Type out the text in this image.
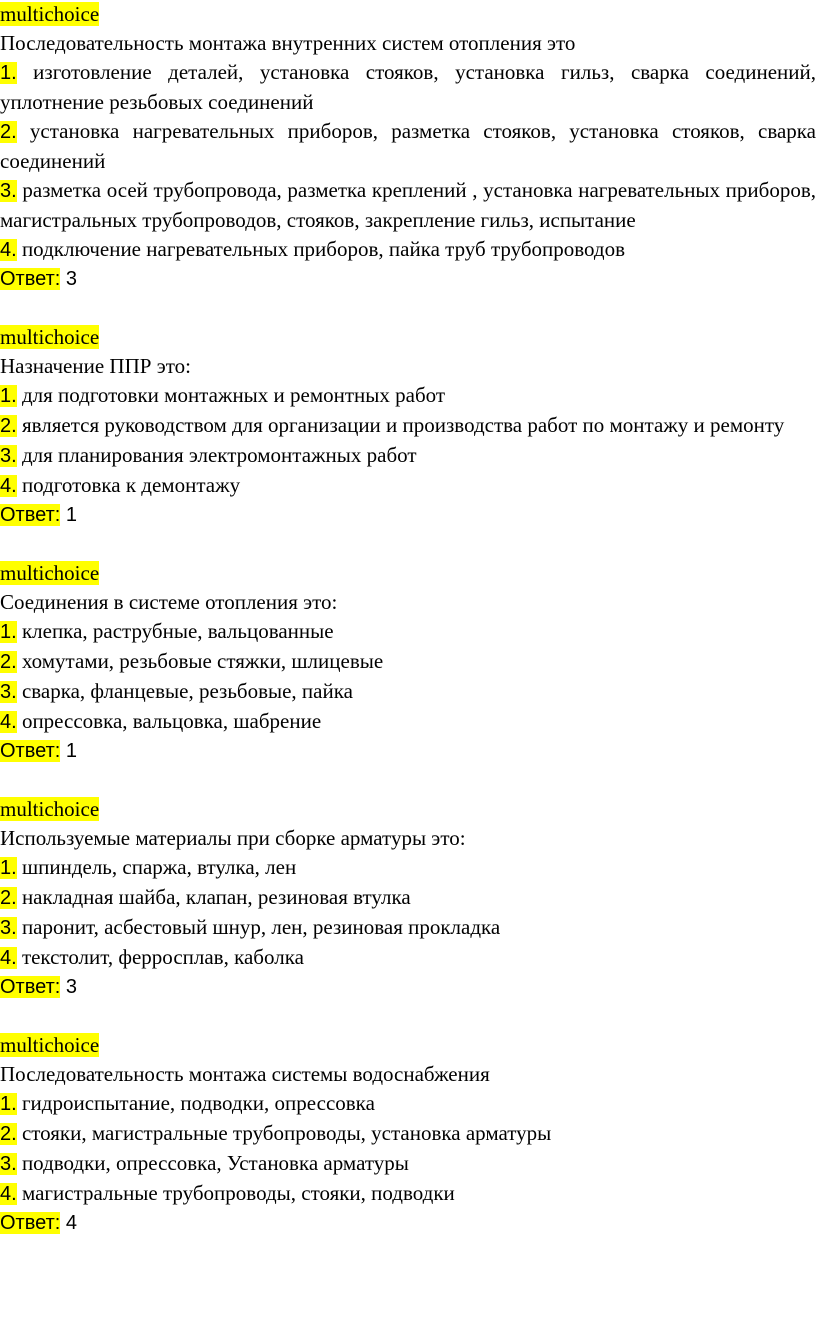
multichoice
Последовательность монтажа внутренних систем отопления это
1. изготовление деталей, установка стояков, установка гильз, сварка соединений, уплотнение резьбовых соединений
2. установка нагревательных приборов, разметка стояков, установка стояков, сварка соединений
3. разметка осей трубопровода, разметка креплений , установка нагревательных приборов, магистральных трубопроводов, стояков, закрепление гильз, испытание
4. подключение нагревательных приборов, пайка труб трубопроводов
Ответ: 3
multichoice
Назначение ППР это:
1. для подготовки монтажных и ремонтных работ
2. является руководством для организации и производства работ по монтажу и ремонту
3. для планирования электромонтажных работ
4. подготовка к демонтажу
Ответ: 1
multichoice
Соединения в системе отопления это:
1. клепка, раструбные, вальцованные
2. хомутами, резьбовые стяжки, шлицевые
3. сварка, фланцевые, резьбовые, пайка
4. опрессовка, вальцовка, шабрение
Ответ: 1
multichoice
Используемые материалы при сборке арматуры это:
1. шпиндель, спаржа, втулка, лен
2. накладная шайба, клапан, резиновая втулка
3. паронит, асбестовый шнур, лен, резиновая прокладка
4. текстолит, ферросплав, каболка
Ответ: 3
multichoice
Последовательность монтажа системы водоснабжения
1. гидроиспытание, подводки, опрессовка
2. стояки, магистральные трубопроводы, установка арматуры
3. подводки, опрессовка, Установка арматуры
4. магистральные трубопроводы, стояки, подводки
Ответ: 4
